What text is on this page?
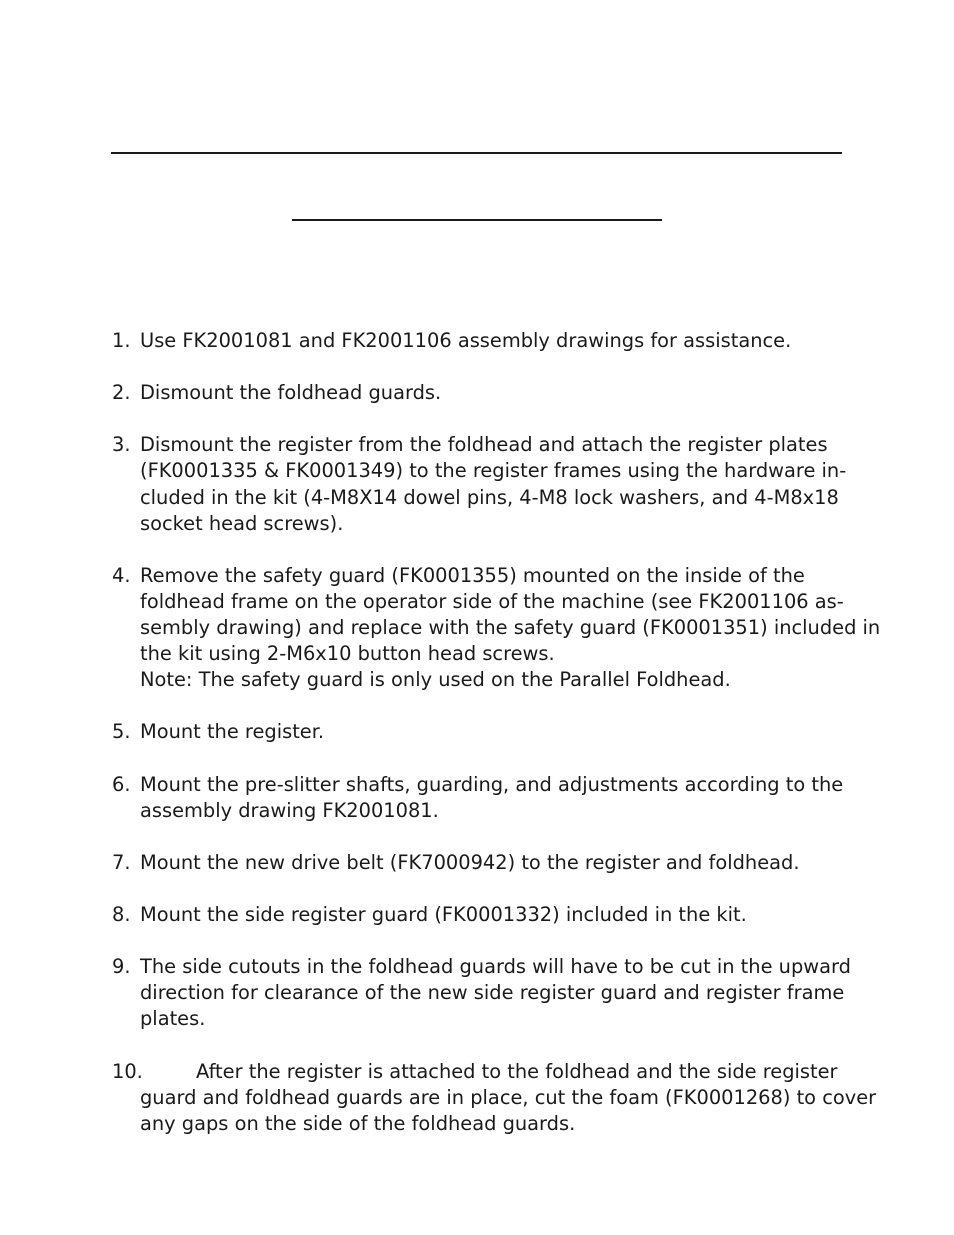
1. Use FK2001081 and FK2001106 assembly drawings for assistance.

2. Dismount the foldhead guards.

3. Dismount the register from the foldhead and attach the register plates

(FK0001335 & FK0001349) to the register frames using the hardware in-

cluded in the kit (4-M8X14 dowel pins, 4-M8 lock washers, and 4-M8x18

socket head screws).

4. Remove the safety guard (FK0001355) mounted on the inside of the

foldhead frame on the operator side of the machine (see FK2001106 as-

sembly drawing) and replace with the safety guard (FK0001351) included in

the kit using 2-M6x10 button head screws.

Note: The safety guard is only used on the Parallel Foldhead.

5. Mount the register.

6. Mount the pre-slitter shafts, guarding, and adjustments according to the

assembly drawing FK2001081.

7. Mount the new drive belt (FK7000942) to the register and foldhead.

8. Mount the side register guard (FK0001332) included in the kit.

9. The side cutouts in the foldhead guards will have to be cut in the upward

direction for clearance of the new side register guard and register frame

plates.

10.	After the register is attached to the foldhead and the side register

guard and foldhead guards are in place, cut the foam (FK0001268) to cover

any gaps on the side of the foldhead guards.
